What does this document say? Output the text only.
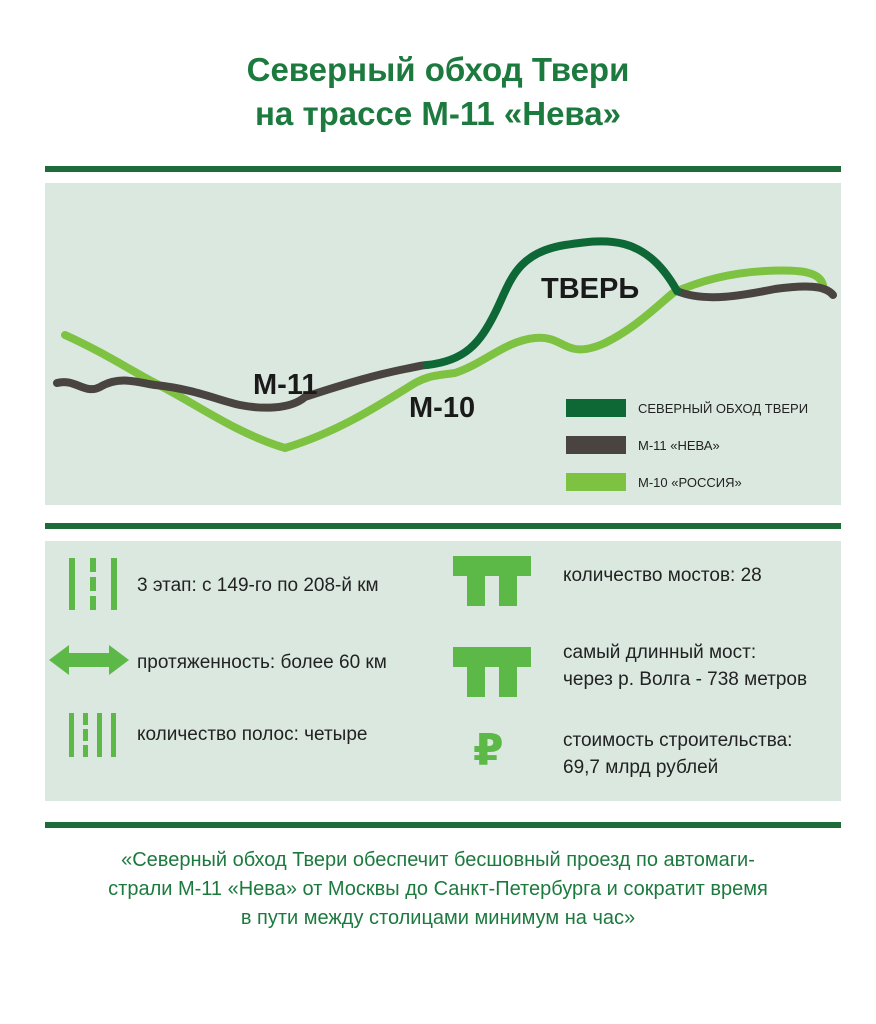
Северный обход Твери
на трассе М-11 «Нева»
ТВЕРЬ
М-11
М-10	СЕВЕРНЫЙ ОБХОД ТВЕРИ
М-11 «НЕВА»
М-10 «РОССИЯ»
3 этап: с 149-го по 208-й км
протяженность: более 60 км
количество полос: четыре
количество мостов: 28
самый длинный мост:
через р. Волга - 738 метров
₽	стоимость строительства:
69,7 млрд рублей
«Северный обход Твери обеспечит бесшовный проезд по автомаги-
страли М-11 «Нева» от Москвы до Санкт-Петербурга и сократит время
в пути между столицами минимум на час»
